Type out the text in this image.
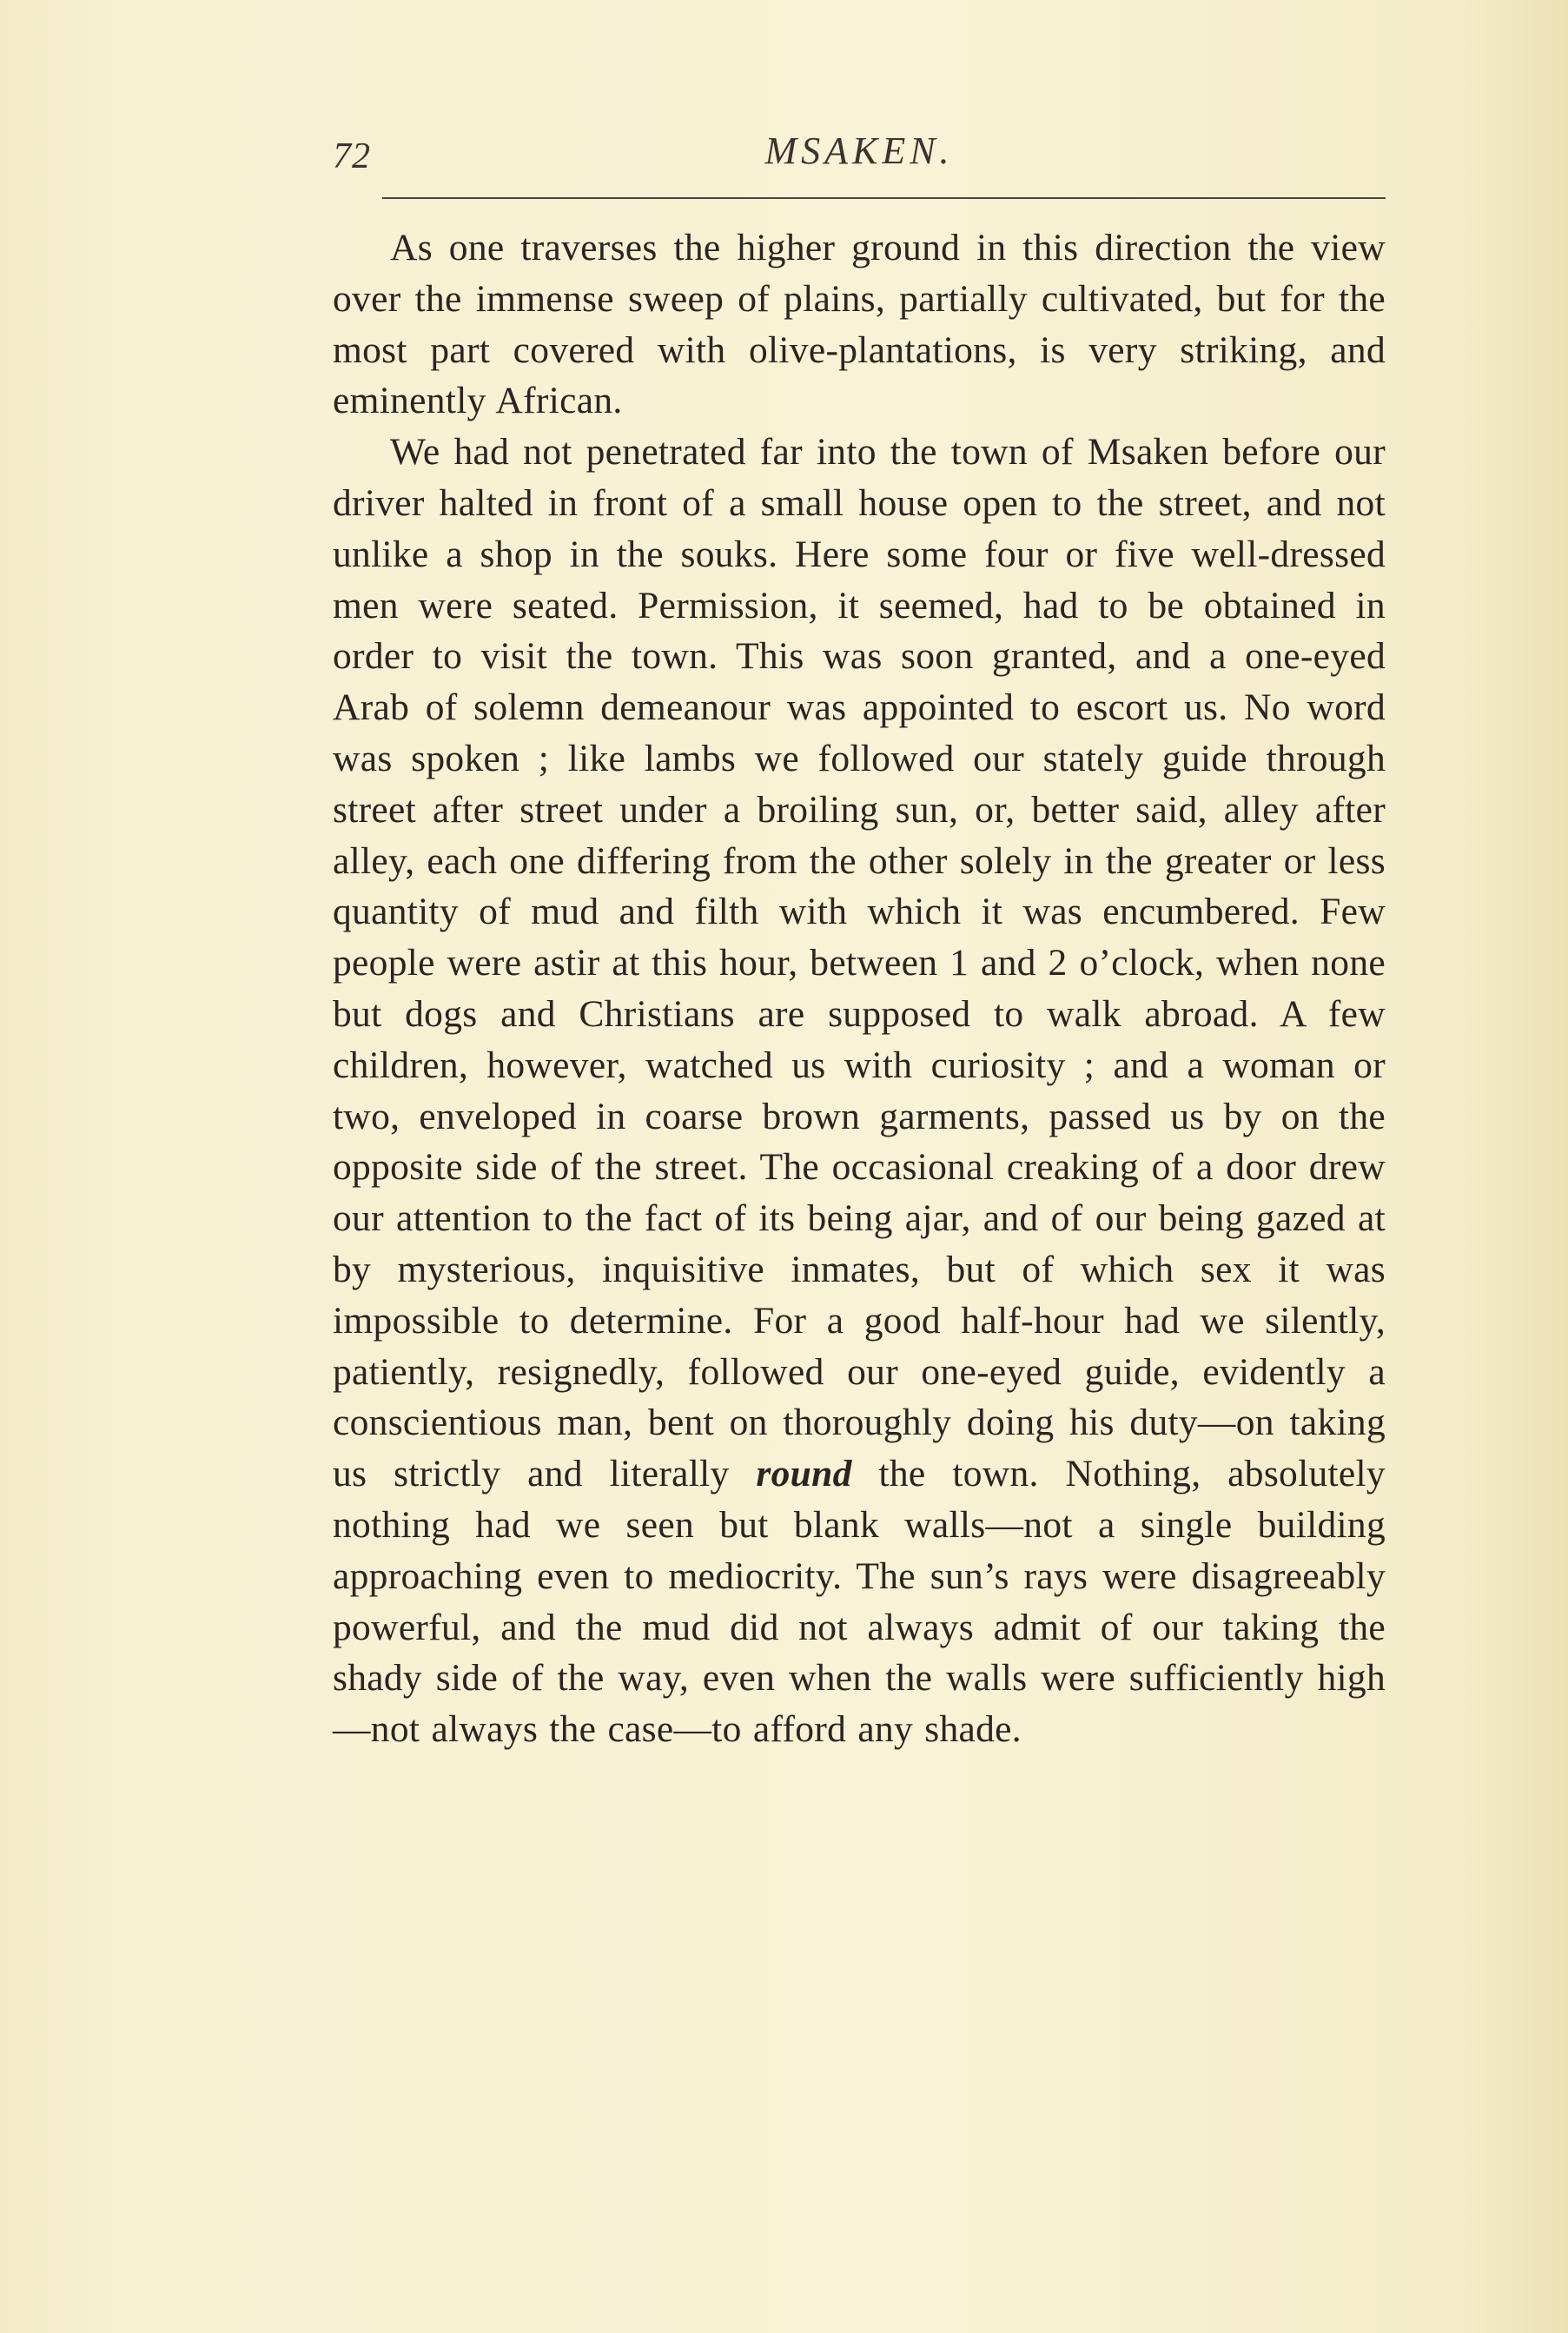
72	MSAKEN.

As one traverses the higher ground in this direction the view over the immense sweep of plains, partially cultivated, but for the most part covered with olive-plantations, is very striking, and eminently African.

We had not penetrated far into the town of Msaken before our driver halted in front of a small house open to the street, and not unlike a shop in the souks. Here some four or five well-dressed men were seated. Permission, it seemed, had to be obtained in order to visit the town. This was soon granted, and a one-eyed Arab of solemn demeanour was appointed to escort us. No word was spoken ; like lambs we followed our stately guide through street after street under a broiling sun, or, better said, alley after alley, each one differing from the other solely in the greater or less quantity of mud and filth with which it was encumbered. Few people were astir at this hour, between 1 and 2 o’clock, when none but dogs and Christians are supposed to walk abroad. A few children, however, watched us with curiosity ; and a woman or two, enveloped in coarse brown garments, passed us by on the opposite side of the street. The occasional creaking of a door drew our attention to the fact of its being ajar, and of our being gazed at by mysterious, inquisitive inmates, but of which sex it was impossible to determine. For a good half-hour had we silently, patiently, resignedly, followed our one-eyed guide, evidently a conscientious man, bent on thoroughly doing his duty—on taking us strictly and literally round the town. Nothing, absolutely nothing had we seen but blank walls—not a single building approaching even to mediocrity. The sun’s rays were disagreeably powerful, and the mud did not always admit of our taking the shady side of the way, even when the walls were sufficiently high—not always the case—to afford any shade.
